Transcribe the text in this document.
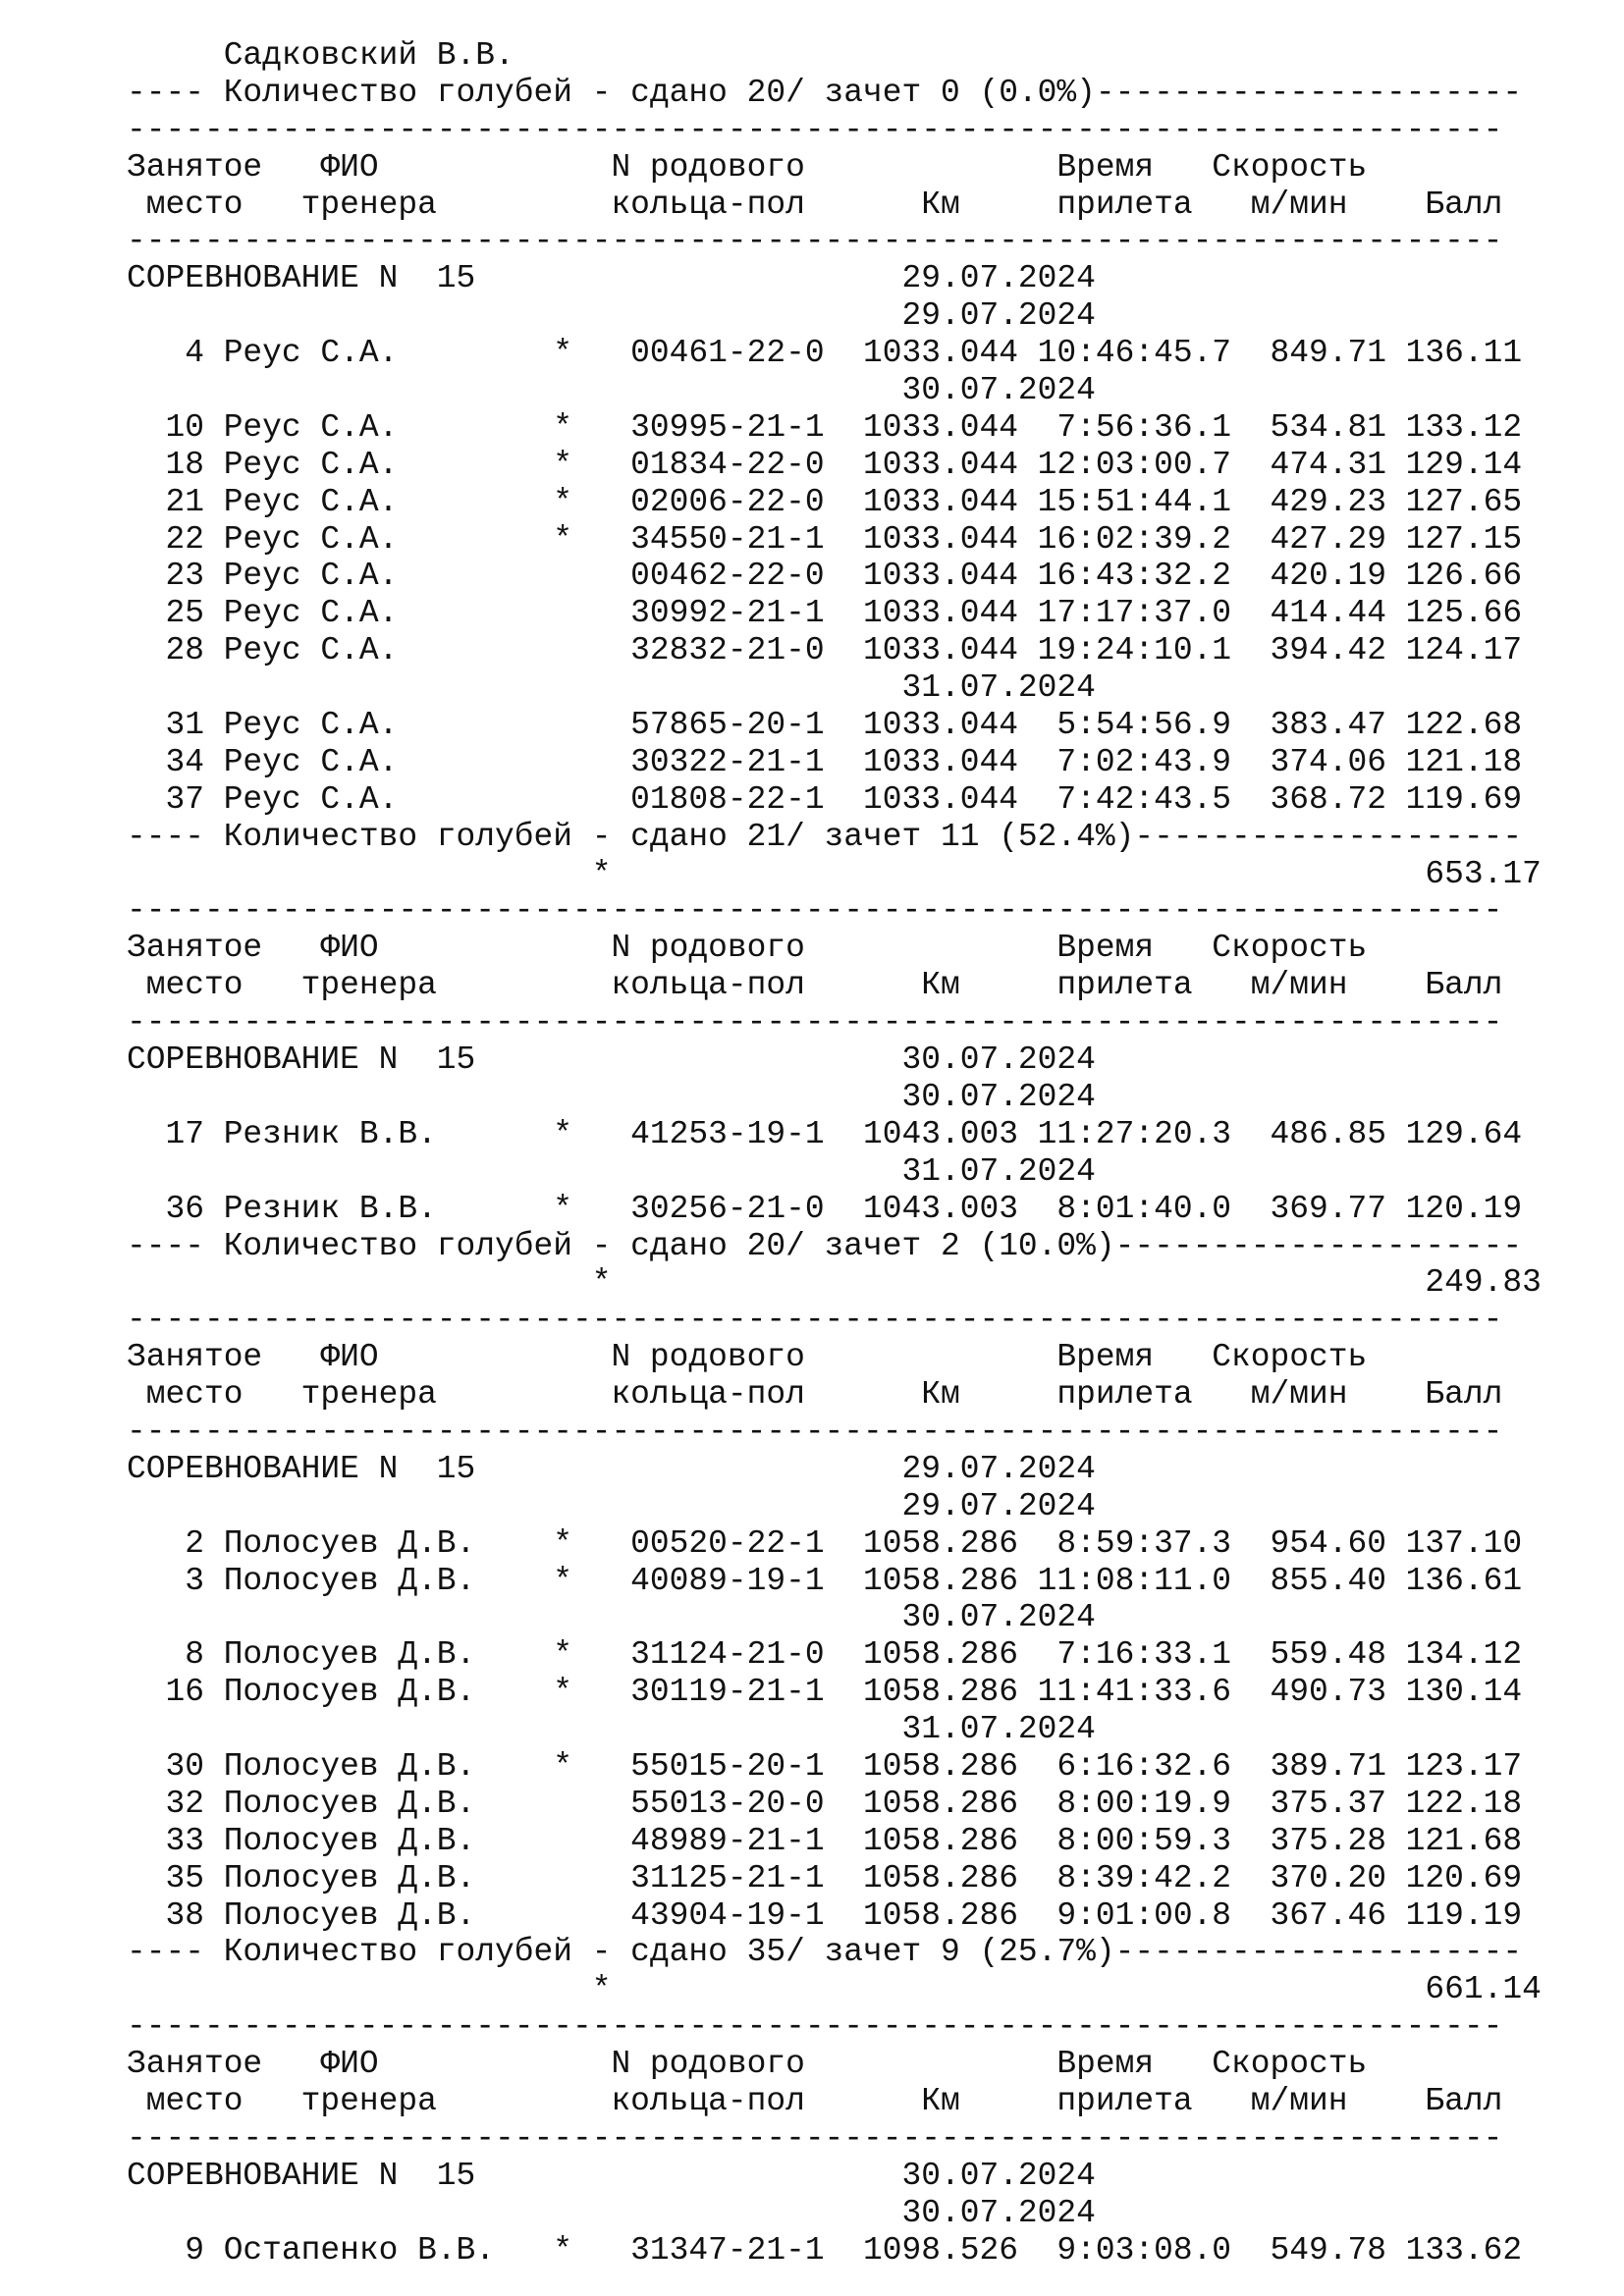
Садковский В.В.
---- Количество голубей - сдано 20/ зачет 0 (0.0%)----------------------
-----------------------------------------------------------------------
Занятое   ФИО            N родового             Время   Скорость
место   тренера         кольца-пол      Км     прилета   м/мин    Балл
-----------------------------------------------------------------------
СОРЕВНОВАНИЕ N  15                      29.07.2024
29.07.2024
4 Реус С.А.        *   00461-22-0  1033.044 10:46:45.7  849.71 136.11
30.07.2024
10 Реус С.А.        *   30995-21-1  1033.044  7:56:36.1  534.81 133.12
18 Реус С.А.        *   01834-22-0  1033.044 12:03:00.7  474.31 129.14
21 Реус С.А.        *   02006-22-0  1033.044 15:51:44.1  429.23 127.65
22 Реус С.А.        *   34550-21-1  1033.044 16:02:39.2  427.29 127.15
23 Реус С.А.            00462-22-0  1033.044 16:43:32.2  420.19 126.66
25 Реус С.А.            30992-21-1  1033.044 17:17:37.0  414.44 125.66
28 Реус С.А.            32832-21-0  1033.044 19:24:10.1  394.42 124.17
31.07.2024
31 Реус С.А.            57865-20-1  1033.044  5:54:56.9  383.47 122.68
34 Реус С.А.            30322-21-1  1033.044  7:02:43.9  374.06 121.18
37 Реус С.А.            01808-22-1  1033.044  7:42:43.5  368.72 119.69
---- Количество голубей - сдано 21/ зачет 11 (52.4%)--------------------
*                                          653.17
-----------------------------------------------------------------------
Занятое   ФИО            N родового             Время   Скорость
место   тренера         кольца-пол      Км     прилета   м/мин    Балл
-----------------------------------------------------------------------
СОРЕВНОВАНИЕ N  15                      30.07.2024
30.07.2024
17 Резник В.В.      *   41253-19-1  1043.003 11:27:20.3  486.85 129.64
31.07.2024
36 Резник В.В.      *   30256-21-0  1043.003  8:01:40.0  369.77 120.19
---- Количество голубей - сдано 20/ зачет 2 (10.0%)---------------------
*                                          249.83
-----------------------------------------------------------------------
Занятое   ФИО            N родового             Время   Скорость
место   тренера         кольца-пол      Км     прилета   м/мин    Балл
-----------------------------------------------------------------------
СОРЕВНОВАНИЕ N  15                      29.07.2024
29.07.2024
2 Полосуев Д.В.    *   00520-22-1  1058.286  8:59:37.3  954.60 137.10
3 Полосуев Д.В.    *   40089-19-1  1058.286 11:08:11.0  855.40 136.61
30.07.2024
8 Полосуев Д.В.    *   31124-21-0  1058.286  7:16:33.1  559.48 134.12
16 Полосуев Д.В.    *   30119-21-1  1058.286 11:41:33.6  490.73 130.14
31.07.2024
30 Полосуев Д.В.    *   55015-20-1  1058.286  6:16:32.6  389.71 123.17
32 Полосуев Д.В.        55013-20-0  1058.286  8:00:19.9  375.37 122.18
33 Полосуев Д.В.        48989-21-1  1058.286  8:00:59.3  375.28 121.68
35 Полосуев Д.В.        31125-21-1  1058.286  8:39:42.2  370.20 120.69
38 Полосуев Д.В.        43904-19-1  1058.286  9:01:00.8  367.46 119.19
---- Количество голубей - сдано 35/ зачет 9 (25.7%)---------------------
*                                          661.14
-----------------------------------------------------------------------
Занятое   ФИО            N родового             Время   Скорость
место   тренера         кольца-пол      Км     прилета   м/мин    Балл
-----------------------------------------------------------------------
СОРЕВНОВАНИЕ N  15                      30.07.2024
30.07.2024
9 Остапенко В.В.   *   31347-21-1  1098.526  9:03:08.0  549.78 133.62
